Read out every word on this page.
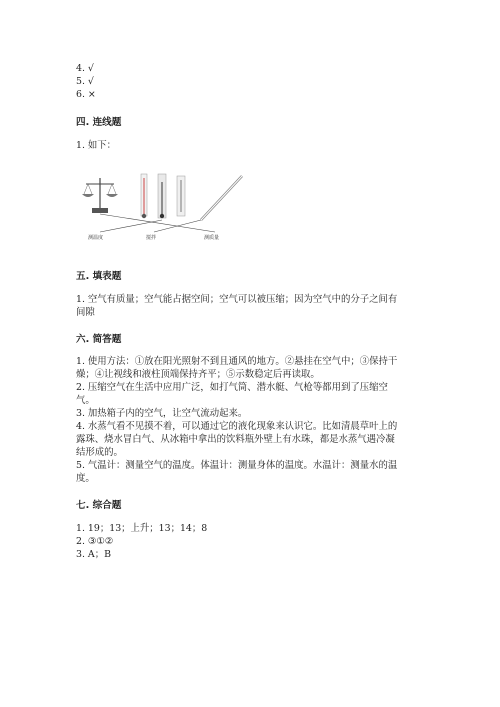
4. √
5. √
6. ×
四. 连线题
1. 如下：
测温度	搅拌	测质量
五. 填表题
1. 空气有质量；空气能占据空间；空气可以被压缩；因为空气中的分子之间有
间隙
六. 简答题
1. 使用方法：①放在阳光照射不到且通风的地方。②悬挂在空气中；③保持干
燥；④让视线和液柱顶端保持齐平；⑤示数稳定后再读取。
2. 压缩空气在生活中应用广泛，如打气筒、潜水艇、气枪等都用到了压缩空
气。
3. 加热箱子内的空气，让空气流动起来。
4. 水蒸气看不见摸不着，可以通过它的液化现象来认识它。比如清晨草叶上的
露珠、烧水冒白气、从冰箱中拿出的饮料瓶外壁上有水珠，都是水蒸气遇冷凝
结形成的。
5. 气温计：测量空气的温度。体温计：测量身体的温度。水温计：测量水的温
度。
七. 综合题
1. 19；13；上升；13；14；8
2. ③①②
3. A；B
